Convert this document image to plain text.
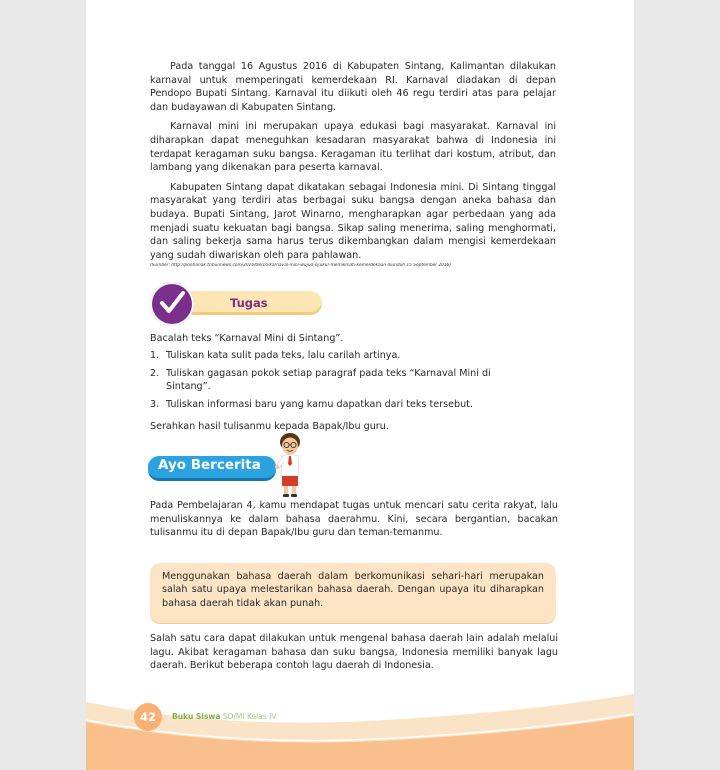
Pada tanggal 16 Agustus 2016 di Kabupaten Sintang, Kalimantan dilakukan karnaval untuk memperingati kemerdekaan RI. Karnaval diadakan di depan Pendopo Bupati Sintang. Karnaval itu diikuti oleh 46 regu terdiri atas para pelajar dan budayawan di Kabupaten Sintang.

Karnaval mini ini merupakan upaya edukasi bagi masyarakat. Karnaval ini diharapkan dapat meneguhkan kesadaran masyarakat bahwa di Indonesia ini terdapat keragaman suku bangsa. Keragaman itu terlihat dari kostum, atribut, dan lambang yang dikenakan para peserta karnaval.

Kabupaten Sintang dapat dikatakan sebagai Indonesia mini. Di Sintang tinggal masyarakat yang terdiri atas berbagai suku bangsa dengan aneka bahasa dan budaya. Bupati Sintang, Jarot Winarno, mengharapkan agar perbedaan yang ada menjadi suatu kekuatan bagi bangsa. Sikap saling menerima, saling menghormati, dan saling bekerja sama harus terus dikembangkan dalam mengisi kemerdekaan yang sudah diwariskan oleh para pahlawan.

(Sumber: http://pontianak.tribunnews.com/2016/08/16/karnaval-mini-wujud-syukur-memikmati-kemerdekaan diunduh 15 September 2016)
Tugas
Bacalah teks “Karnaval Mini di Sintang”.
1. Tuliskan kata sulit pada teks, lalu carilah artinya.
2. Tuliskan gagasan pokok setiap paragraf pada teks “Karnaval Mini di Sintang”.
3. Tuliskan informasi baru yang kamu dapatkan dari teks tersebut.
Serahkan hasil tulisanmu kepada Bapak/Ibu guru.
Ayo Bercerita

Pada Pembelajaran 4, kamu mendapat tugas untuk mencari satu cerita rakyat, lalu menuliskannya ke dalam bahasa daerahmu. Kini, secara bergantian, bacakan tulisanmu itu di depan Bapak/Ibu guru dan teman-temanmu.

Menggunakan bahasa daerah dalam berkomunikasi sehari-hari merupakan salah satu upaya melestarikan bahasa daerah. Dengan upaya itu diharapkan bahasa daerah tidak akan punah.

Salah satu cara dapat dilakukan untuk mengenal bahasa daerah lain adalah melalui lagu. Akibat keragaman bahasa dan suku bangsa, Indonesia memiliki banyak lagu daerah. Berikut beberapa contoh lagu daerah di Indonesia.

42	Buku Siswa SD/MI Kelas IV
